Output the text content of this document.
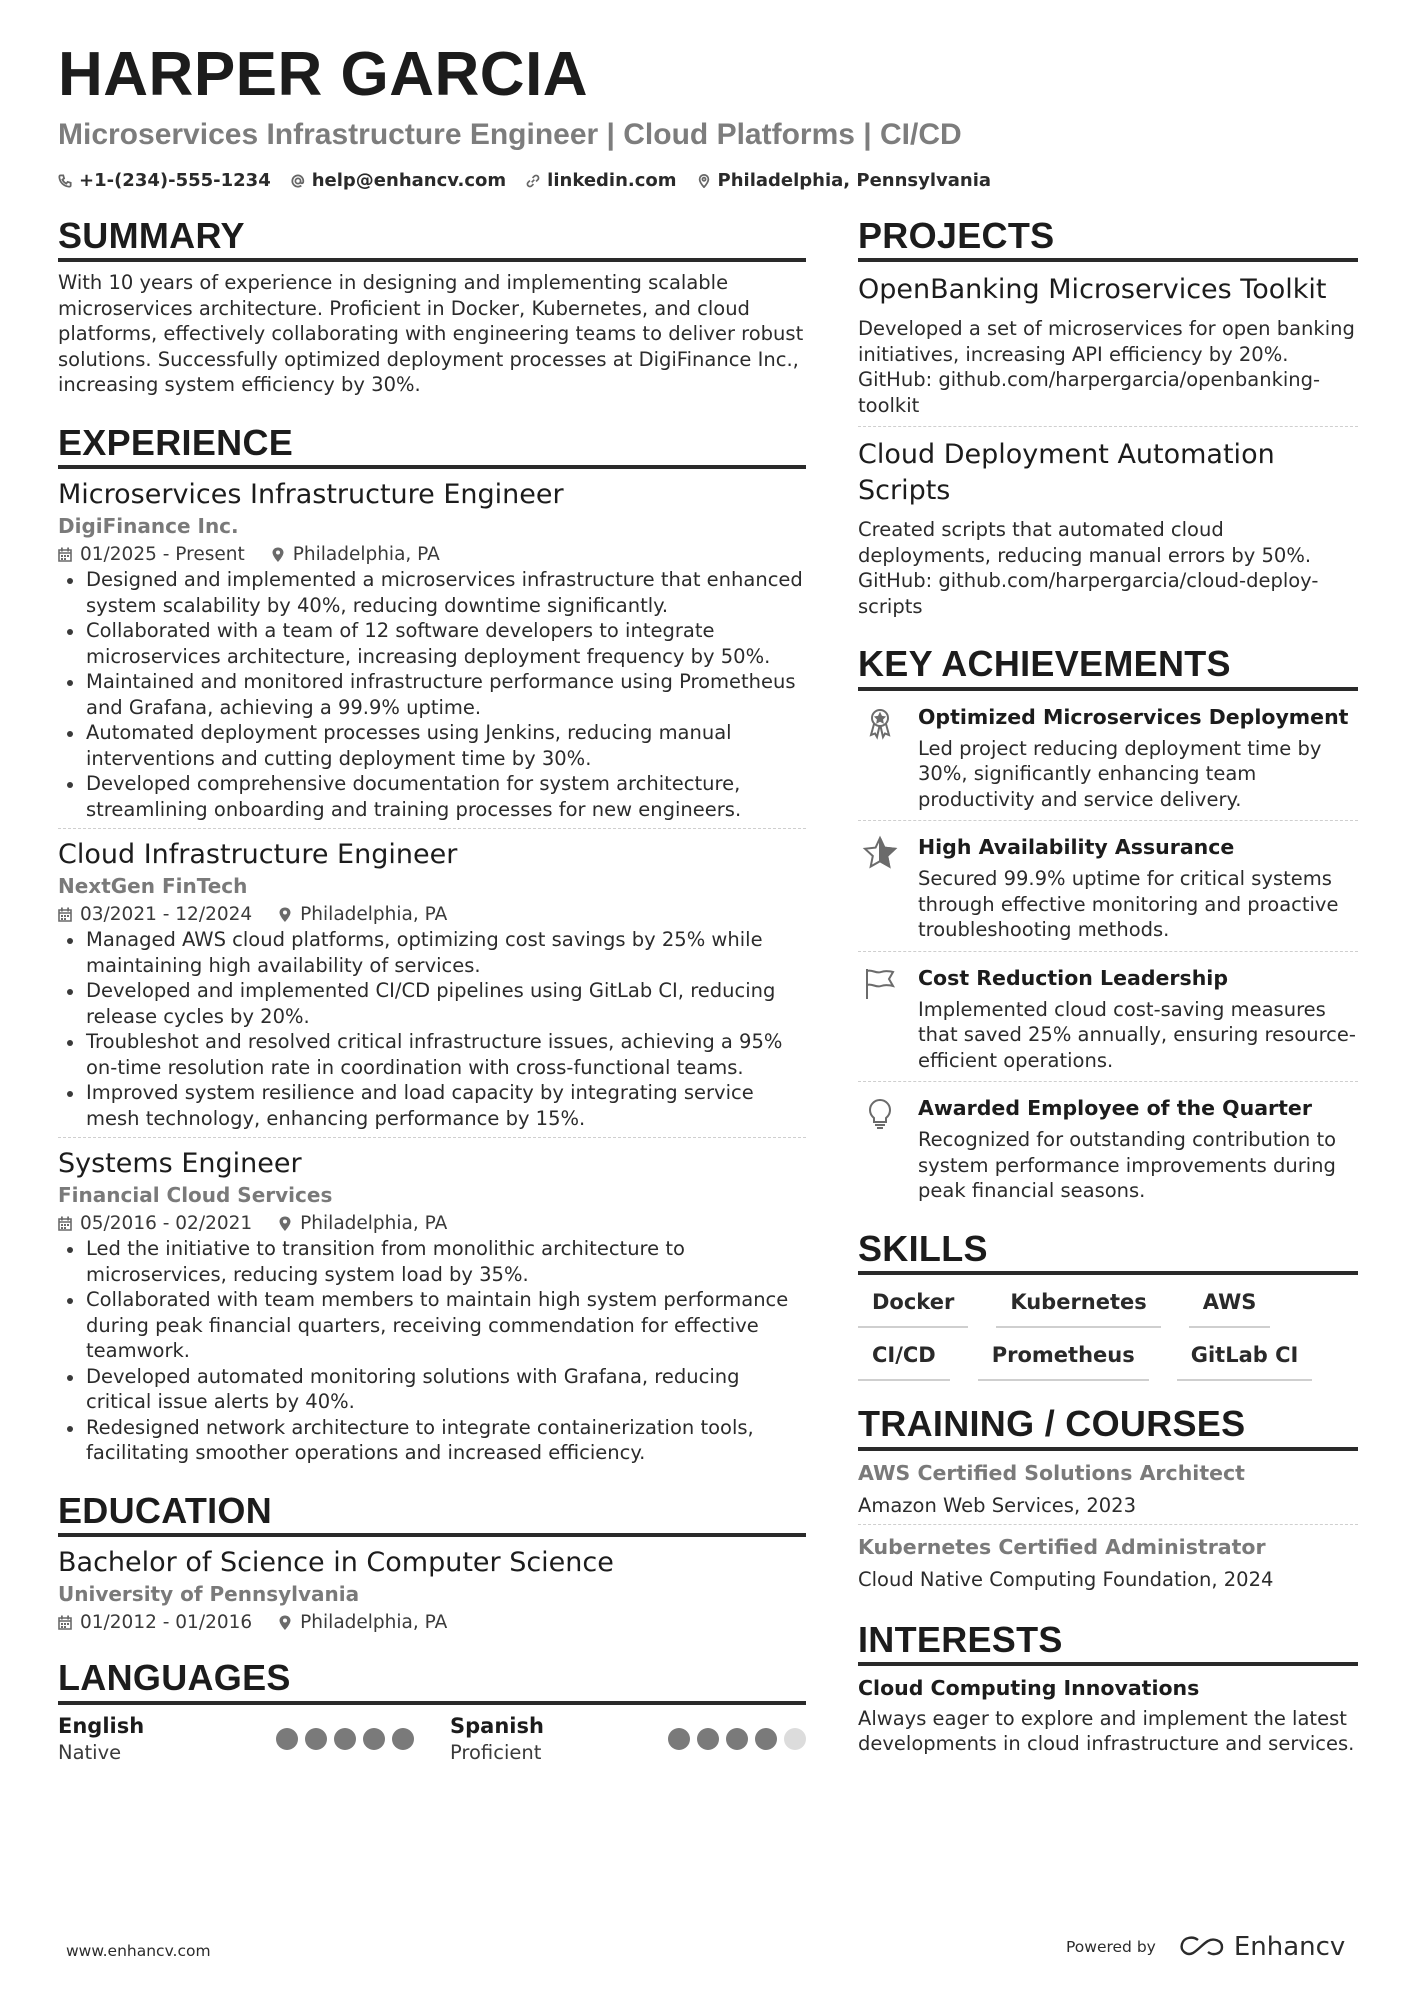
HARPER GARCIA
Microservices Infrastructure Engineer | Cloud Platforms | CI/CD
+1-(234)-555-1234 help@enhancv.com linkedin.com Philadelphia, Pennsylvania
SUMMARY

With 10 years of experience in designing and implementing scalable microservices architecture. Proficient in Docker, Kubernetes, and cloud platforms, effectively collaborating with engineering teams to deliver robust solutions. Successfully optimized deployment processes at DigiFinance Inc., increasing system efficiency by 30%.

EXPERIENCE
Microservices Infrastructure Engineer
DigiFinance Inc.
01/2025 - Present	Philadelphia, PA
Designed and implemented a microservices infrastructure that enhanced system scalability by 40%, reducing downtime significantly.
Collaborated with a team of 12 software developers to integrate microservices architecture, increasing deployment frequency by 50%.
Maintained and monitored infrastructure performance using Prometheus and Grafana, achieving a 99.9% uptime.
Automated deployment processes using Jenkins, reducing manual interventions and cutting deployment time by 30%.
Developed comprehensive documentation for system architecture, streamlining onboarding and training processes for new engineers.
Cloud Infrastructure Engineer
NextGen FinTech
03/2021 - 12/2024	Philadelphia, PA
Managed AWS cloud platforms, optimizing cost savings by 25% while maintaining high availability of services.
Developed and implemented CI/CD pipelines using GitLab CI, reducing release cycles by 20%.
Troubleshot and resolved critical infrastructure issues, achieving a 95% on-time resolution rate in coordination with cross-functional teams.
Improved system resilience and load capacity by integrating service mesh technology, enhancing performance by 15%.
Systems Engineer
Financial Cloud Services
05/2016 - 02/2021	Philadelphia, PA
Led the initiative to transition from monolithic architecture to microservices, reducing system load by 35%.
Collaborated with team members to maintain high system performance during peak financial quarters, receiving commendation for effective teamwork.
Developed automated monitoring solutions with Grafana, reducing critical issue alerts by 40%.
Redesigned network architecture to integrate containerization tools, facilitating smoother operations and increased efficiency.
EDUCATION
Bachelor of Science in Computer Science
University of Pennsylvania
01/2012 - 01/2016	Philadelphia, PA
LANGUAGES
English
Native
Spanish
Proficient
PROJECTS
OpenBanking Microservices Toolkit

Developed a set of microservices for open banking initiatives, increasing API efficiency by 20%. GitHub: github.com/harpergarcia/openbanking-toolkit

Cloud Deployment Automation Scripts

Created scripts that automated cloud deployments, reducing manual errors by 50%. GitHub: github.com/harpergarcia/cloud-deploy-scripts

KEY ACHIEVEMENTS
Optimized Microservices Deployment

Led project reducing deployment time by 30%, significantly enhancing team productivity and service delivery.

High Availability Assurance

Secured 99.9% uptime for critical systems through effective monitoring and proactive troubleshooting methods.

Cost Reduction Leadership

Implemented cloud cost-saving measures that saved 25% annually, ensuring resource-efficient operations.

Awarded Employee of the Quarter

Recognized for outstanding contribution to system performance improvements during peak financial seasons.

SKILLS
Docker	Kubernetes	AWS
CI/CD	Prometheus	GitLab CI
TRAINING / COURSES
AWS Certified Solutions Architect

Amazon Web Services, 2023

Kubernetes Certified Administrator

Cloud Native Computing Foundation, 2024

INTERESTS
Cloud Computing Innovations

Always eager to explore and implement the latest developments in cloud infrastructure and services.

www.enhancv.com	Powered by	Enhancv
